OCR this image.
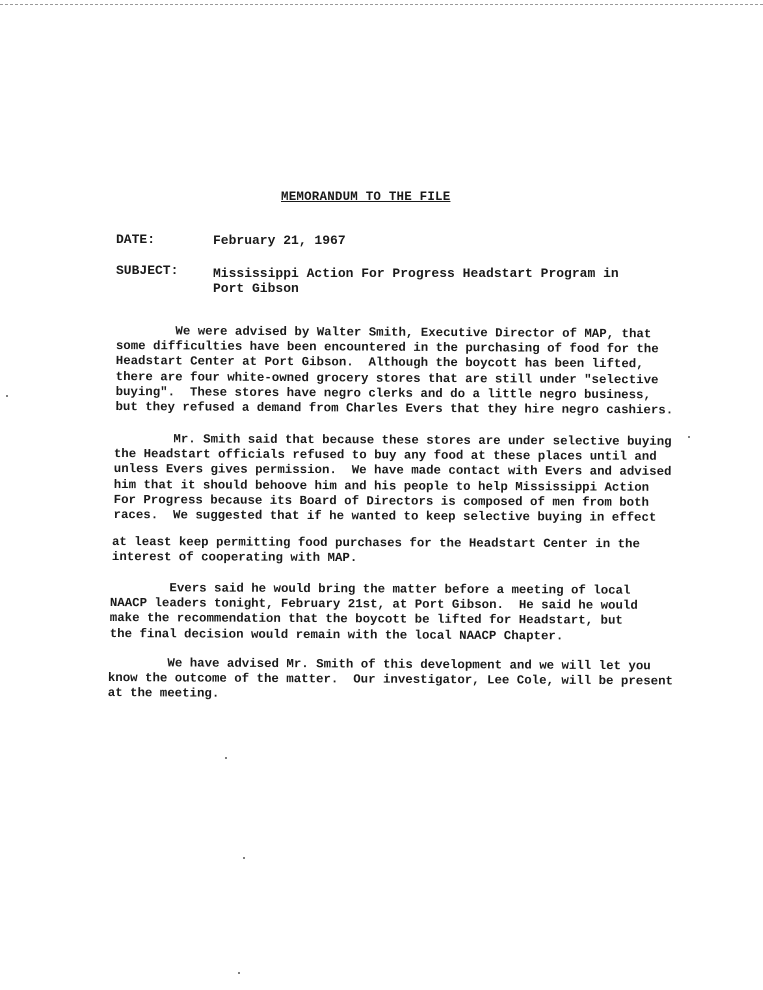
MEMORANDUM TO THE FILE
DATE:	February 21, 1967
SUBJECT:	Mississippi Action For Progress Headstart Program in
Port Gibson
We were advised by Walter Smith, Executive Director of MAP, that
some difficulties have been encountered in the purchasing of food for the
Headstart Center at Port Gibson.  Although the boycott has been lifted,
there are four white-owned grocery stores that are still under "selective
buying".  These stores have negro clerks and do a little negro business,
but they refused a demand from Charles Evers that they hire negro cashiers.
Mr. Smith said that because these stores are under selective buying
the Headstart officials refused to buy any food at these places until and
unless Evers gives permission.  We have made contact with Evers and advised
him that it should behoove him and his people to help Mississippi Action
For Progress because its Board of Directors is composed of men from both
races.  We suggested that if he wanted to keep selective buying in effect
at least keep permitting food purchases for the Headstart Center in the
interest of cooperating with MAP.
Evers said he would bring the matter before a meeting of local
NAACP leaders tonight, February 21st, at Port Gibson.  He said he would
make the recommendation that the boycott be lifted for Headstart, but
the final decision would remain with the local NAACP Chapter.
We have advised Mr. Smith of this development and we will let you
know the outcome of the matter.  Our investigator, Lee Cole, will be present
at the meeting.
